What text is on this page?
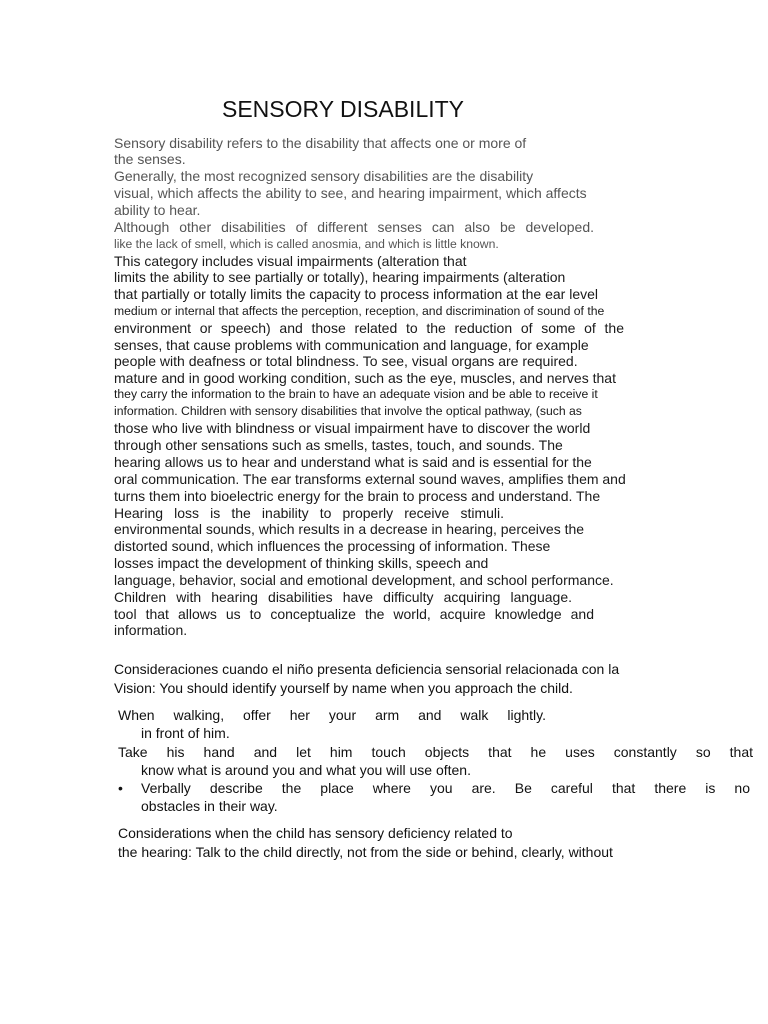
SENSORY DISABILITY
Sensory disability refers to the disability that affects one or more of
the senses.
Generally, the most recognized sensory disabilities are the disability
visual, which affects the ability to see, and hearing impairment, which affects
ability to hear.
Although other disabilities of different senses can also be developed.
like the lack of smell, which is called anosmia, and which is little known.
This category includes visual impairments (alteration that
limits the ability to see partially or totally), hearing impairments (alteration
that partially or totally limits the capacity to process information at the ear level
medium or internal that affects the perception, reception, and discrimination of sound of the
environment or speech) and those related to the reduction of some of the
senses, that cause problems with communication and language, for example
people with deafness or total blindness. To see, visual organs are required.
mature and in good working condition, such as the eye, muscles, and nerves that
they carry the information to the brain to have an adequate vision and be able to receive it
information. Children with sensory disabilities that involve the optical pathway, (such as
those who live with blindness or visual impairment have to discover the world
through other sensations such as smells, tastes, touch, and sounds. The
hearing allows us to hear and understand what is said and is essential for the
oral communication. The ear transforms external sound waves, amplifies them and
turns them into bioelectric energy for the brain to process and understand. The
Hearing loss is the inability to properly receive stimuli.
environmental sounds, which results in a decrease in hearing, perceives the
distorted sound, which influences the processing of information. These
losses impact the development of thinking skills, speech and
language, behavior, social and emotional development, and school performance.
Children with hearing disabilities have difficulty acquiring language.
tool that allows us to conceptualize the world, acquire knowledge and
information.
Consideraciones cuando el niño presenta deficiencia sensorial relacionada con la
Vision: You should identify yourself by name when you approach the child.
When walking, offer her your arm and walk lightly.
in front of him.
Take his hand and let him touch objects that he uses constantly so that
know what is around you and what you will use often.
• Verbally describe the place where you are. Be careful that there is no
obstacles in their way.
Considerations when the child has sensory deficiency related to
the hearing: Talk to the child directly, not from the side or behind, clearly, without
